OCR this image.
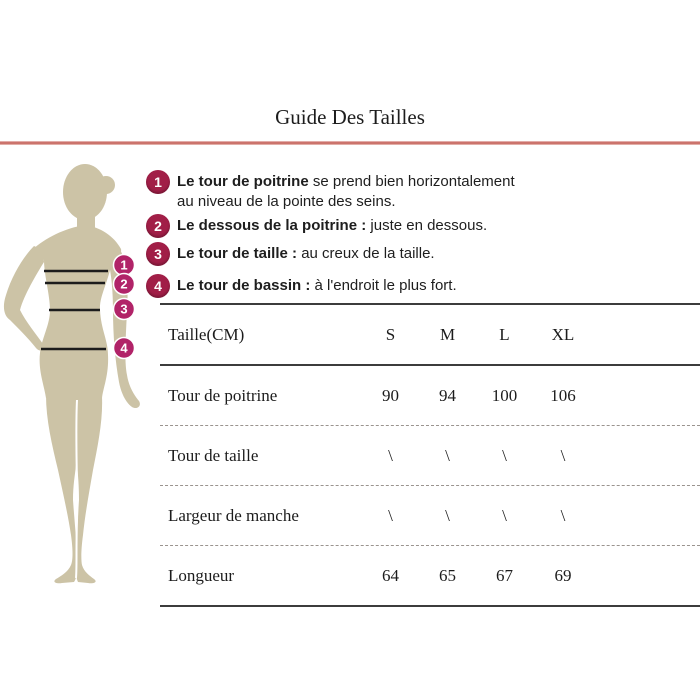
Guide Des Tailles
1
2
3
4
1	Le tour de poitrine se prend bien horizontalement
au niveau de la pointe des seins.
2	Le dessous de la poitrine : juste en dessous.
3	Le tour de taille : au creux de la taille.
4	Le tour de bassin : à l'endroit le plus fort.
Taille(CM)	S	M	L	XL
Tour de poitrine	90	94	100	106
Tour de taille	\	\	\	\
Largeur de manche	\	\	\	\
Longueur	64	65	67	69
